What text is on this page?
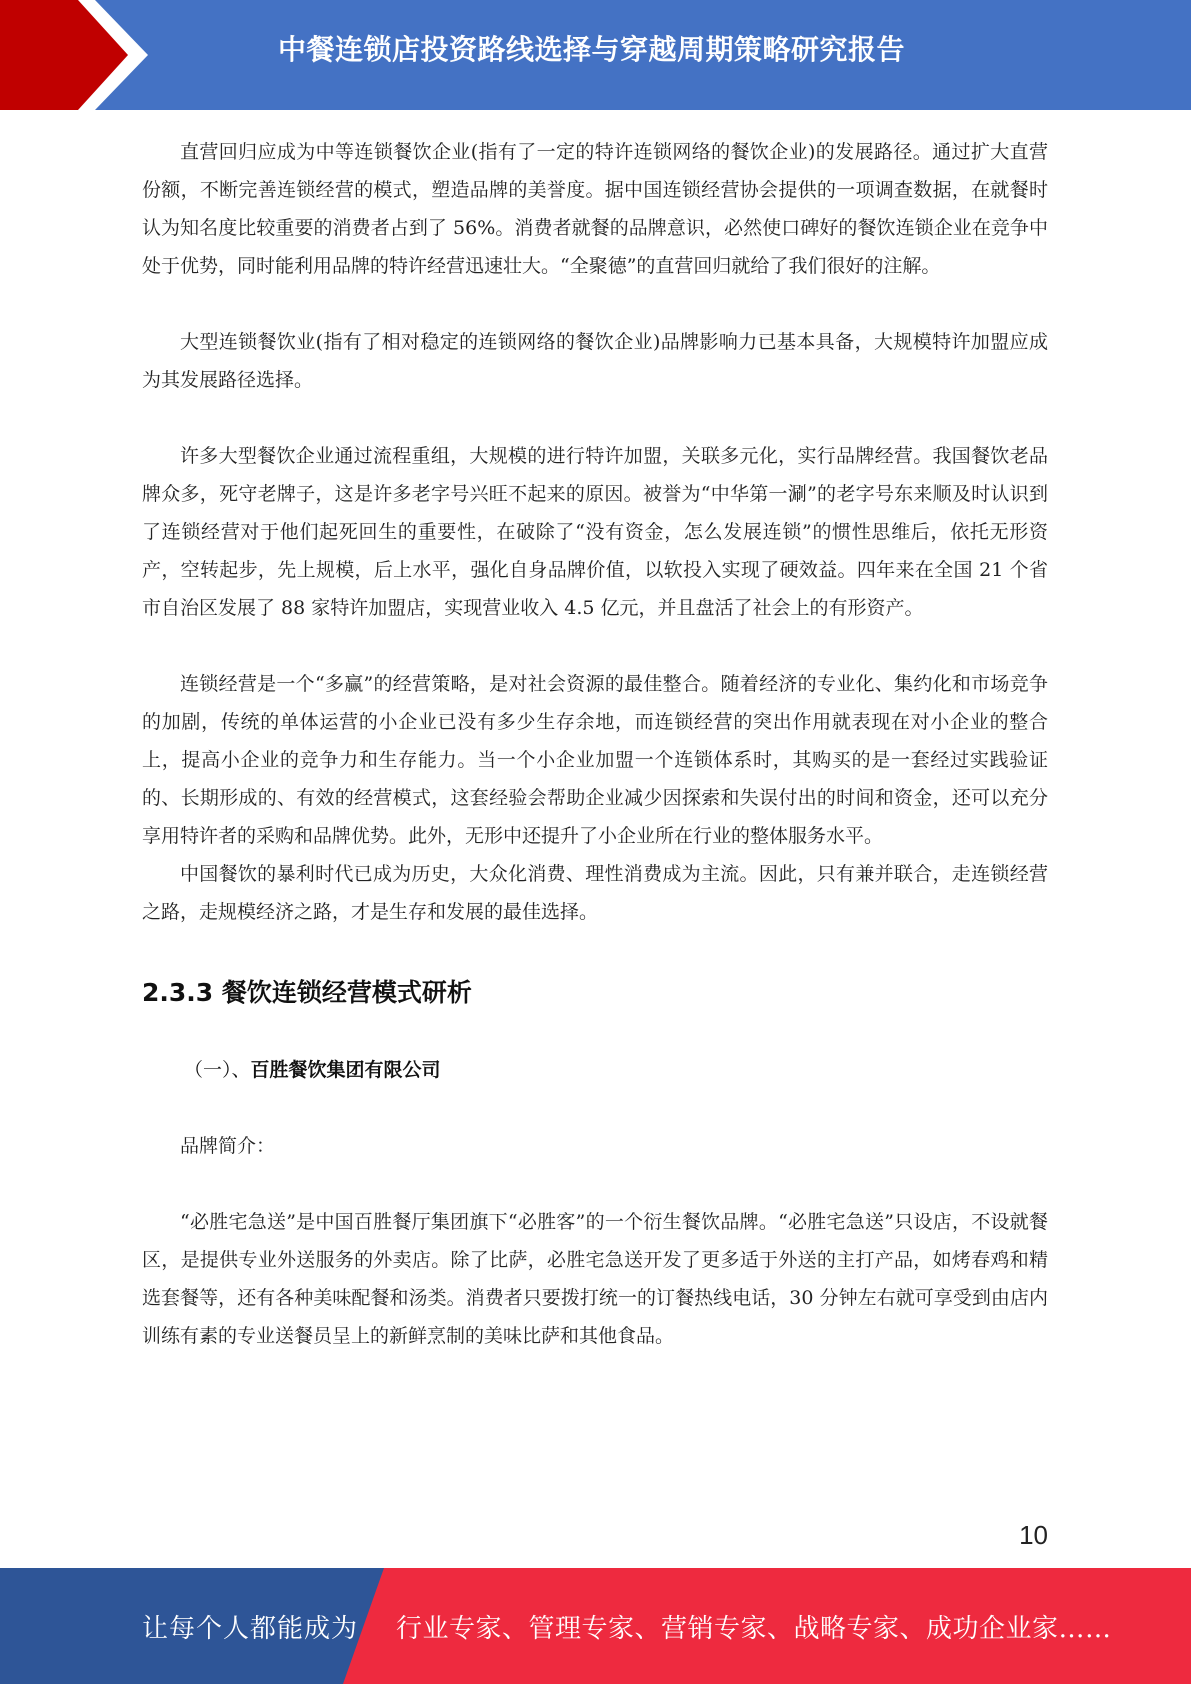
中餐连锁店投资路线选择与穿越周期策略研究报告

直营回归应成为中等连锁餐饮企业(指有了一定的特许连锁网络的餐饮企业)的发展路径。通过扩大直营份额，不断完善连锁经营的模式，塑造品牌的美誉度。据中国连锁经营协会提供的一项调查数据，在就餐时认为知名度比较重要的消费者占到了 56%。消费者就餐的品牌意识，必然使口碑好的餐饮连锁企业在竞争中处于优势，同时能利用品牌的特许经营迅速壮大。“全聚德”的直营回归就给了我们很好的注解。

大型连锁餐饮业(指有了相对稳定的连锁网络的餐饮企业)品牌影响力已基本具备，大规模特许加盟应成为其发展路径选择。

许多大型餐饮企业通过流程重组，大规模的进行特许加盟，关联多元化，实行品牌经营。我国餐饮老品牌众多，死守老牌子，这是许多老字号兴旺不起来的原因。被誉为“中华第一涮”的老字号东来顺及时认识到了连锁经营对于他们起死回生的重要性，在破除了“没有资金，怎么发展连锁”的惯性思维后，依托无形资产，空转起步，先上规模，后上水平，强化自身品牌价值，以软投入实现了硬效益。四年来在全国 21 个省市自治区发展了 88 家特许加盟店，实现营业收入 4.5 亿元，并且盘活了社会上的有形资产。

连锁经营是一个“多赢”的经营策略，是对社会资源的最佳整合。随着经济的专业化、集约化和市场竞争的加剧，传统的单体运营的小企业已没有多少生存余地，而连锁经营的突出作用就表现在对小企业的整合上，提高小企业的竞争力和生存能力。当一个小企业加盟一个连锁体系时，其购买的是一套经过实践验证的、长期形成的、有效的经营模式，这套经验会帮助企业减少因探索和失误付出的时间和资金，还可以充分享用特许者的采购和品牌优势。此外，无形中还提升了小企业所在行业的整体服务水平。

中国餐饮的暴利时代已成为历史，大众化消费、理性消费成为主流。因此，只有兼并联合，走连锁经营之路，走规模经济之路，才是生存和发展的最佳选择。

2.3.3 餐饮连锁经营模式研析

（一）、百胜餐饮集团有限公司

品牌简介：

“必胜宅急送”是中国百胜餐厅集团旗下“必胜客”的一个衍生餐饮品牌。“必胜宅急送”只设店，不设就餐区，是提供专业外送服务的外卖店。除了比萨，必胜宅急送开发了更多适于外送的主打产品，如烤春鸡和精选套餐等，还有各种美味配餐和汤类。消费者只要拨打统一的订餐热线电话，30 分钟左右就可享受到由店内训练有素的专业送餐员呈上的新鲜烹制的美味比萨和其他食品。

10
让每个人都能成为 行业专家、管理专家、营销专家、战略专家、成功企业家……
